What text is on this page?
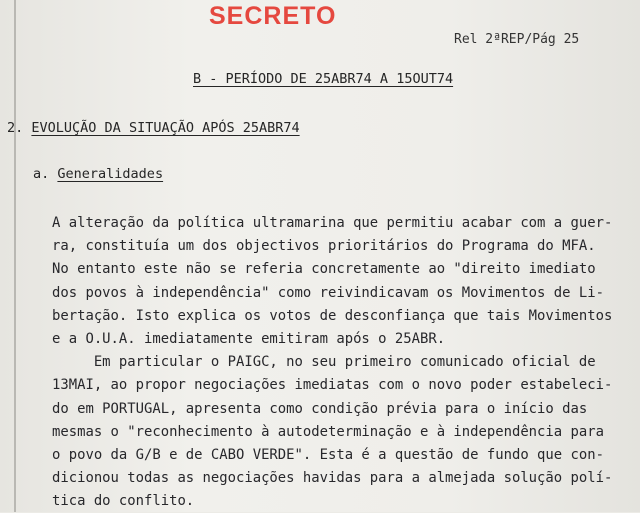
SECRETO
Rel 2ªREP/Pág 25
B - PERÍODO DE 25ABR74 A 15OUT74
2. EVOLUÇÃO DA SITUAÇÃO APÓS 25ABR74
a. Generalidades
A alteração da política ultramarina que permitiu acabar com a guer-
ra, constituía um dos objectivos prioritários do Programa do MFA.
No entanto este não se referia concretamente ao "direito imediato
dos povos à independência" como reivindicavam os Movimentos de Li-
bertação. Isto explica os votos de desconfiança que tais Movimentos
e a O.U.A. imediatamente emitiram após o 25ABR.
Em particular o PAIGC, no seu primeiro comunicado oficial de
13MAI, ao propor negociações imediatas com o novo poder estabeleci-
do em PORTUGAL, apresenta como condição prévia para o início das
mesmas o "reconhecimento à autodeterminação e à independência para
o povo da G/B e de CABO VERDE". Esta é a questão de fundo que con-
dicionou todas as negociações havidas para a almejada solução polí-
tica do conflito.
